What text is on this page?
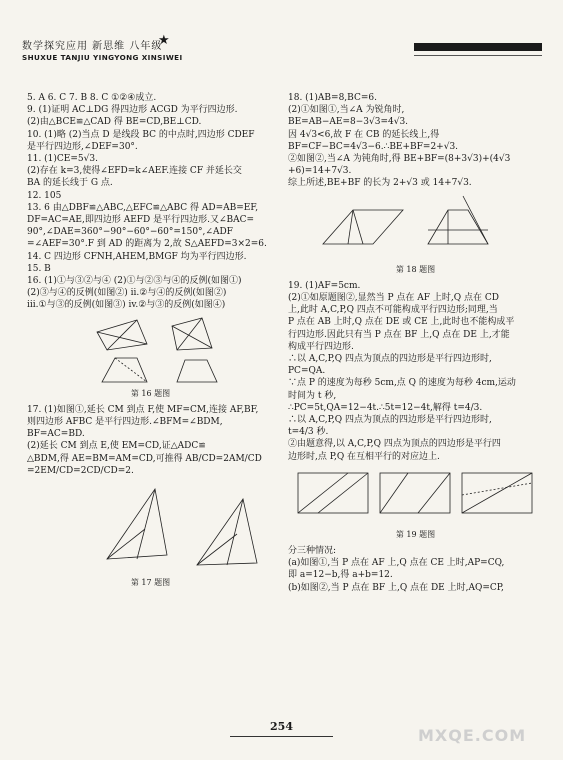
数学探究应用 新思维 八年级
★
SHUXUE TANJIU YINGYONG XINSIWEI
5. A 6. C 7. B 8. C ①②④成立.
9. (1)证明 AC⊥DG 得四边形 ACGD 为平行四边形.
(2)由△BCE≌△CAD 得 BE=CD,BE⊥CD.
10. (1)略 (2)当点 D 是线段 BC 的中点时,四边形 CDEF
是平行四边形,∠DEF=30°.
11. (1)CE=5√3.
(2)存在 k=3,使得∠EFD=k∠AEF.连接 CF 并延长交
BA 的延长线于 G 点.
12. 105
13. 6 由△DBF≌△ABC,△EFC≌△ABC 得 AD=AB=EF,
DF=AC=AE,即四边形 AEFD 是平行四边形.又∠BAC=
90°,∠DAE=360°−90°−60°−60°=150°,∠ADF
=∠AEF=30°.F 到 AD 的距离为 2,故 S△AEFD=3×2=6.
14. C 四边形 CFNH,AHEM,BMGF 均为平行四边形.
15. B
16. (1)①与③②与④ (2)①与②③与④的反例(如图①)
(2)③与④的反例(如图②) ii.②与④的反例(如图②)
iii.①与③的反例(如图③) iv.②与③的反例(如图④)
第 16 题图
17. (1)如图①,延长 CM 到点 F,使 MF=CM,连接 AF,BF,
则四边形 AFBC 是平行四边形.∠BFM=∠BDM,
BF=AC=BD.
(2)延长 CM 到点 E,使 EM=CD,证△ADC≌
△BDM,得 AE=BM=AM=CD,可推得 AB/CD=2AM/CD
=2EM/CD=2CD/CD=2.
第 17 题图
18. (1)AB=8,BC=6.
(2)①如图①,当∠A 为锐角时,
BE=AB−AE=8−3√3=4√3.
因 4√3<6,故 F 在 CB 的延长线上,得
BF=CF−BC=4√3−6.∴BE+BF=2+√3.
②如图②,当∠A 为钝角时,得 BE+BF=(8+3√3)+(4√3
+6)=14+7√3.
综上所述,BE+BF 的长为 2+√3 或 14+7√3.
第 18 题图
19. (1)AF=5cm.
(2)①如原题图②,显然当 P 点在 AF 上时,Q 点在 CD
上,此时 A,C,P,Q 四点不可能构成平行四边形;同理,当
P 点在 AB 上时,Q 点在 DE 或 CE 上,此时也不能构成平
行四边形.因此只有当 P 点在 BF 上,Q 点在 DE 上,才能
构成平行四边形.
∴以 A,C,P,Q 四点为顶点的四边形是平行四边形时,
PC=QA.
∵点 P 的速度为每秒 5cm,点 Q 的速度为每秒 4cm,运动
时间为 t 秒,
∴PC=5t,QA=12−4t.∴5t=12−4t,解得 t=4/3.
∴以 A,C,P,Q 四点为顶点的四边形是平行四边形时,
t=4/3 秒.
②由题意得,以 A,C,P,Q 四点为顶点的四边形是平行四
边形时,点 P,Q 在互相平行的对应边上.
第 19 题图
分三种情况:
(a)如图①,当 P 点在 AF 上,Q 点在 CE 上时,AP=CQ,
即 a=12−b,得 a+b=12.
(b)如图②,当 P 点在 BF 上,Q 点在 DE 上时,AQ=CP,
254	MXQE.COM
